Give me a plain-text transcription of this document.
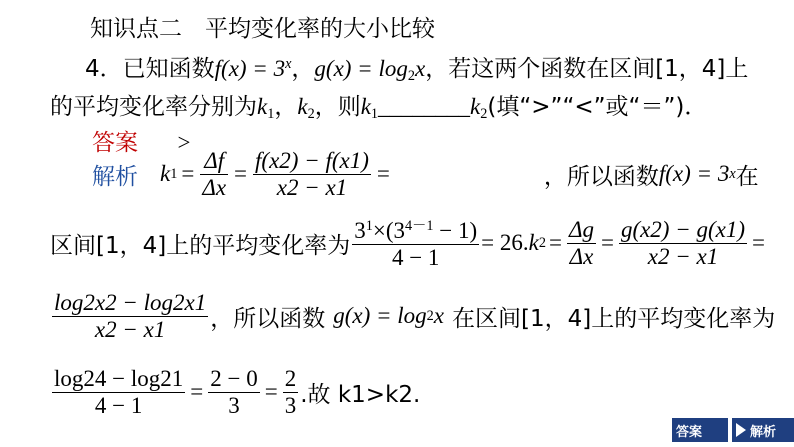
知识点二　平均变化率的大小比较
4．已知函数$f(x) = 3^x$，$g(x) = \log_2x$，若这两个函数在区间[1，4]上
的平均变化率分别为$k_1$，$k_2$，则$k_1\_\_\_\_\_\_\_\_k_2$(填“>”“<”或“＝”)．
答案 >
解析 k $1 = \frac{\Delta f}{\Delta x} = \frac{f(x2) - f(x1)}{x2 - x1}$ =	，所以函数 f(x) = 3 x 在
区间[1，4]上的平均变化率为 $\frac{3^1\times(3^{4-1} - 1)}{4 - 1} = 26$. k $2 = \frac{\Delta g}{\Delta x} = \frac{g(x2) - g(x1)}{x2 - x1}$ =
$\frac{\log 2x2 - \log 2x1}{x2 - x1}$ ，所以函数 g(x) = log 2 x 在区间[1，4]上的平均变化率为
$\frac{\log 24 - \log 21}{4 - 1} = \frac{2 - 0}{3} = \frac{2}{3}$ .故 k1>k2.
答案	解析
